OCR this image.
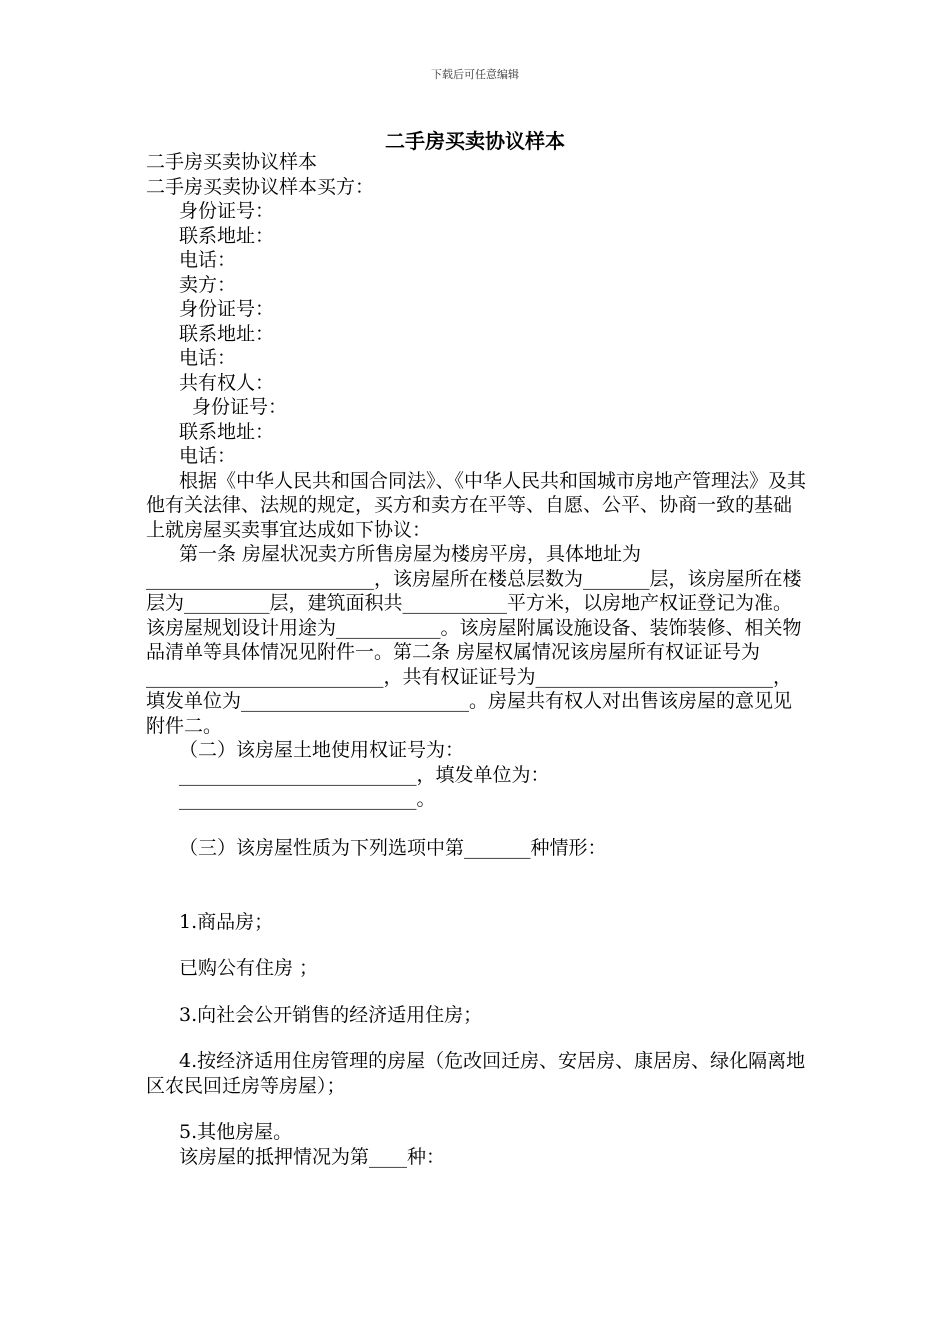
下载后可任意编辑
二手房买卖协议样本
二手房买卖协议样本
二手房买卖协议样本买方：
身份证号：
联系地址：
电话：
卖方：
身份证号：
联系地址：
电话：
共有权人：
身份证号：
联系地址：
电话：
根据《中华人民共和国合同法》、《中华人民共和国城市房地产管理法》及其他有关法律、法规的规定，买方和卖方在平等、自愿、公平、协商一致的基础上就房屋买卖事宜达成如下协议：
第一条 房屋状况卖方所售房屋为楼房平房，具体地址为________________________，该房屋所在楼总层数为_______层，该房屋所在楼层为_________层，建筑面积共___________平方米，以房地产权证登记为准。该房屋规划设计用途为___________。该房屋附属设施设备、装饰装修、相关物品清单等具体情况见附件一。第二条 房屋权属情况该房屋所有权证证号为_________________________，共有权证证号为_________________________，填发单位为________________________。房屋共有权人对出售该房屋的意见见附件二。
（二）该房屋土地使用权证号为：
_________________________，填发单位为：
_________________________。
（三）该房屋性质为下列选项中第_______种情形：
1.商品房；
已购公有住房 ；
3.向社会公开销售的经济适用住房；
4.按经济适用住房管理的房屋（危改回迁房、安居房、康居房、绿化隔离地区农民回迁房等房屋）；
5.其他房屋。
该房屋的抵押情况为第____种：
